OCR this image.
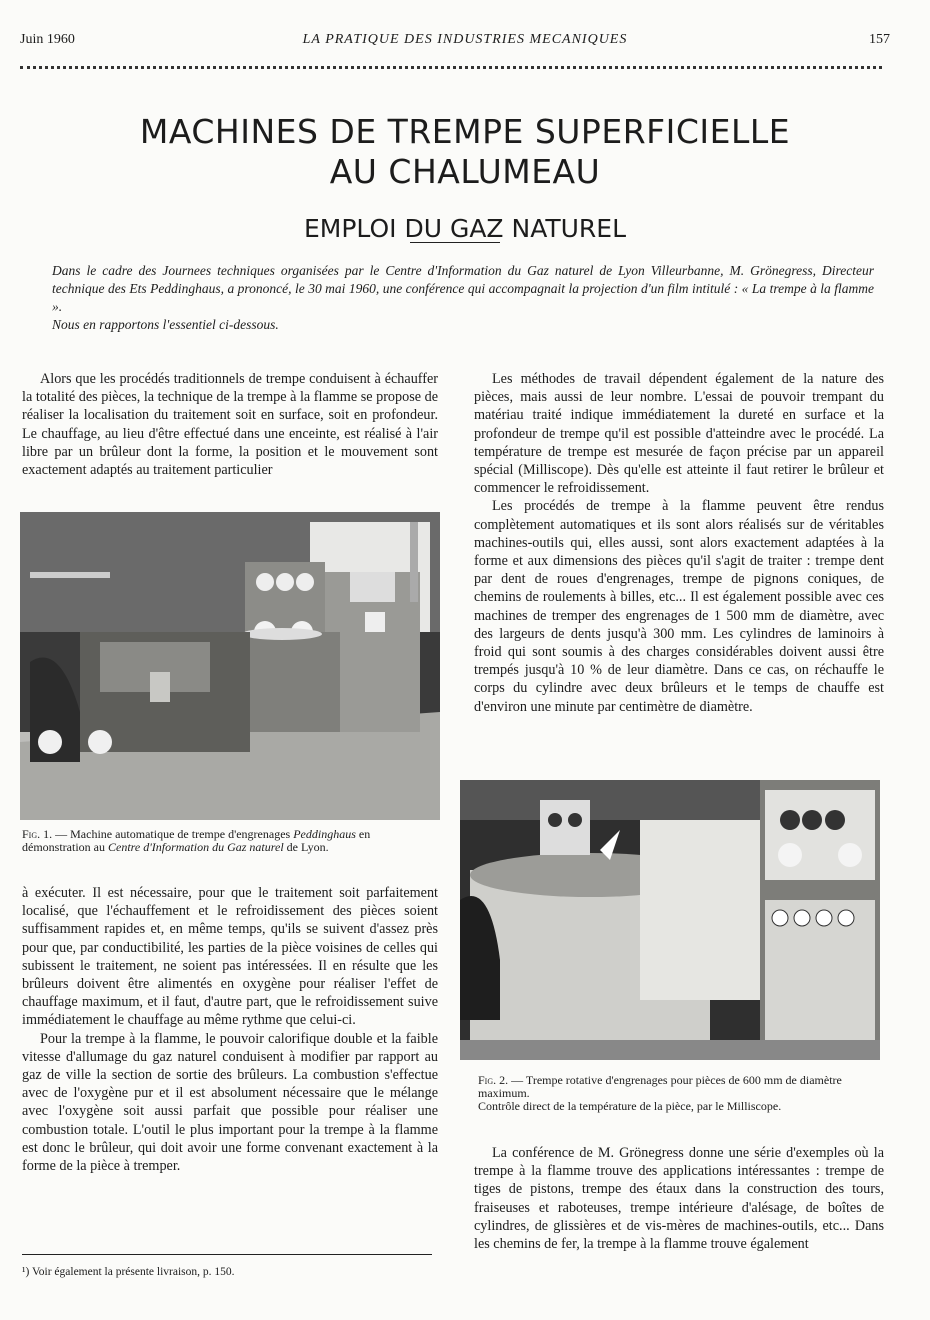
Juin 1960	LA PRATIQUE DES INDUSTRIES MECANIQUES	157
MACHINES DE TREMPE SUPERFICIELLE
AU CHALUMEAU
EMPLOI DU GAZ NATUREL

Dans le cadre des Journees techniques organisées par le Centre d'Information du Gaz naturel de Lyon Villeurbanne, M. Grönegress, Directeur technique des Ets Peddinghaus, a prononcé, le 30 mai 1960, une conférence qui accompagnait la projection d'un film intitulé : « La trempe à la flamme ».

Nous en rapportons l'essentiel ci-dessous.

Alors que les procédés traditionnels de trempe conduisent à échauffer la totalité des pièces, la technique de la trempe à la flamme se propose de réaliser la localisation du traitement soit en surface, soit en profondeur. Le chauffage, au lieu d'être effectué dans une enceinte, est réalisé à l'air libre par un brûleur dont la forme, la position et le mouvement sont exactement adaptés au traitement particulier

Fig. 1. — Machine automatique de trempe d'engrenages Peddinghaus en démonstration au Centre d'Information du Gaz naturel de Lyon.

à exécuter. Il est nécessaire, pour que le traitement soit parfaitement localisé, que l'échauffement et le refroidissement des pièces soient suffisamment rapides et, en même temps, qu'ils se suivent d'assez près pour que, par conductibilité, les parties de la pièce voisines de celles qui subissent le traitement, ne soient pas intéressées. Il en résulte que les brûleurs doivent être alimentés en oxygène pour réaliser l'effet de chauffage maximum, et il faut, d'autre part, que le refroidissement suive immédiatement le chauffage au même rythme que celui-ci.

Pour la trempe à la flamme, le pouvoir calorifique double et la faible vitesse d'allumage du gaz naturel conduisent à modifier par rapport au gaz de ville la section de sortie des brûleurs. La combustion s'effectue avec de l'oxygène pur et il est absolument nécessaire que le mélange avec l'oxygène soit aussi parfait que possible pour réaliser une combustion totale. L'outil le plus important pour la trempe à la flamme est donc le brûleur, qui doit avoir une forme convenant exactement à la forme de la pièce à tremper.

¹) Voir également la présente livraison, p. 150.

Les méthodes de travail dépendent également de la nature des pièces, mais aussi de leur nombre. L'essai de pouvoir trempant du matériau traité indique immédiatement la dureté en surface et la profondeur de trempe qu'il est possible d'atteindre avec le procédé. La température de trempe est mesurée de façon précise par un appareil spécial (Milliscope). Dès qu'elle est atteinte il faut retirer le brûleur et commencer le refroidissement.

Les procédés de trempe à la flamme peuvent être rendus complètement automatiques et ils sont alors réalisés sur de véritables machines-outils qui, elles aussi, sont alors exactement adaptées à la forme et aux dimensions des pièces qu'il s'agit de traiter : trempe dent par dent de roues d'engrenages, trempe de pignons coniques, de chemins de roulements à billes, etc... Il est également possible avec ces machines de tremper des engrenages de 1 500 mm de diamètre, avec des largeurs de dents jusqu'à 300 mm. Les cylindres de laminoirs à froid qui sont soumis à des charges considérables doivent aussi être trempés jusqu'à 10 % de leur diamètre. Dans ce cas, on réchauffe le corps du cylindre avec deux brûleurs et le temps de chauffe est d'environ une minute par centimètre de diamètre.

Fig. 2. — Trempe rotative d'engrenages pour pièces de 600 mm de diamètre maximum.
Contrôle direct de la température de la pièce, par le Milliscope.

La conférence de M. Grönegress donne une série d'exemples où la trempe à la flamme trouve des applications intéressantes : trempe de tiges de pistons, trempe des étaux dans la construction des tours, fraiseuses et raboteuses, trempe intérieure d'alésage, de boîtes de cylindres, de glissières et de vis-mères de machines-outils, etc... Dans les chemins de fer, la trempe à la flamme trouve également
